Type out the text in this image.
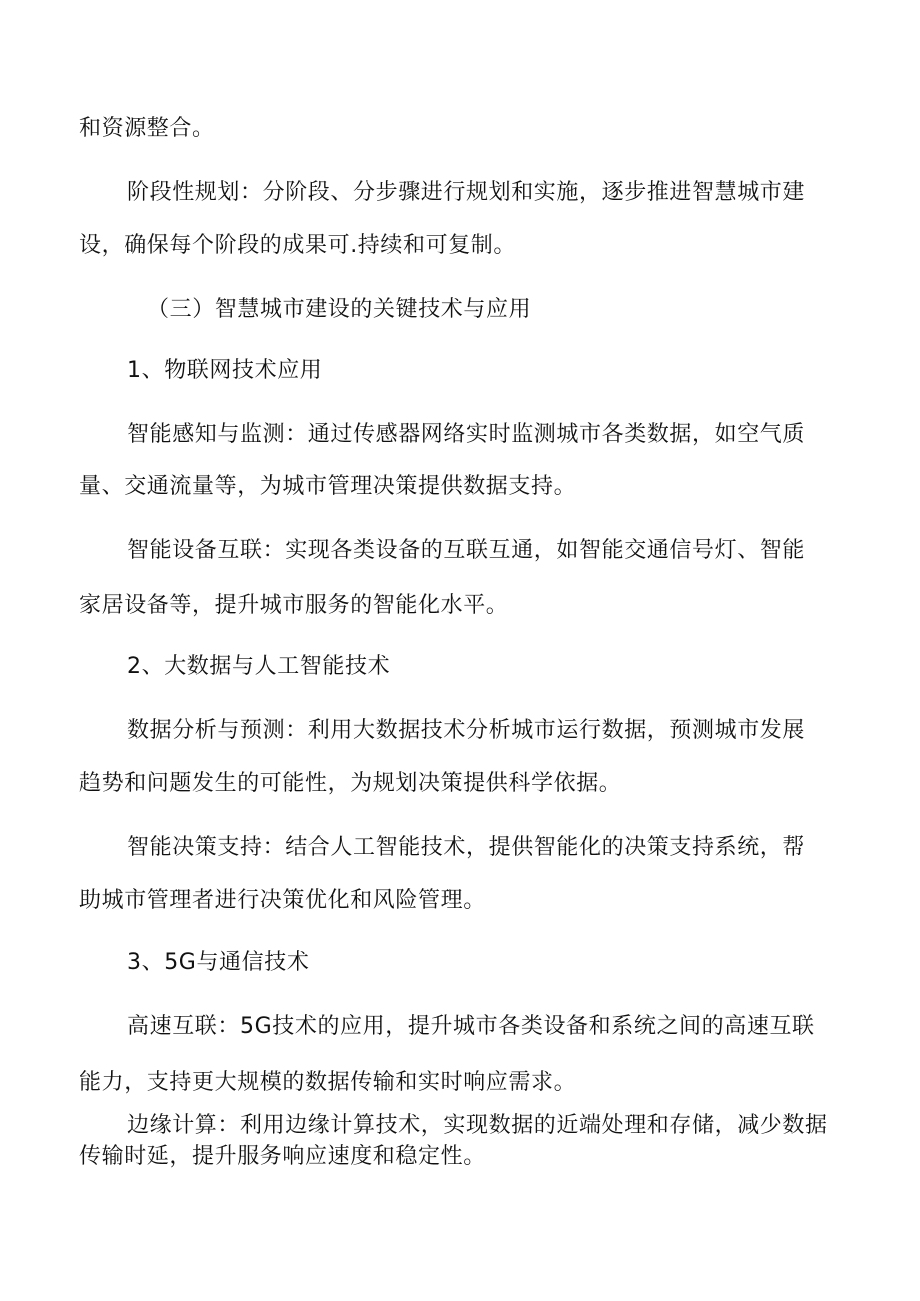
和资源整合。
阶段性规划：分阶段、分步骤进行规划和实施，逐步推进智慧城市建
设，确保每个阶段的成果可.持续和可复制。
（三）智慧城市建设的关键技术与应用
1、物联网技术应用
智能感知与监测：通过传感器网络实时监测城市各类数据，如空气质
量、交通流量等，为城市管理决策提供数据支持。
智能设备互联：实现各类设备的互联互通，如智能交通信号灯、智能
家居设备等，提升城市服务的智能化水平。
2、大数据与人工智能技术
数据分析与预测：利用大数据技术分析城市运行数据，预测城市发展
趋势和问题发生的可能性，为规划决策提供科学依据。
智能决策支持：结合人工智能技术，提供智能化的决策支持系统，帮
助城市管理者进行决策优化和风险管理。
3、5G与通信技术
高速互联：5G技术的应用，提升城市各类设备和系统之间的高速互联
能力，支持更大规模的数据传输和实时响应需求。
边缘计算：利用边缘计算技术，实现数据的近端处理和存储，减少数据
传输时延，提升服务响应速度和稳定性。
